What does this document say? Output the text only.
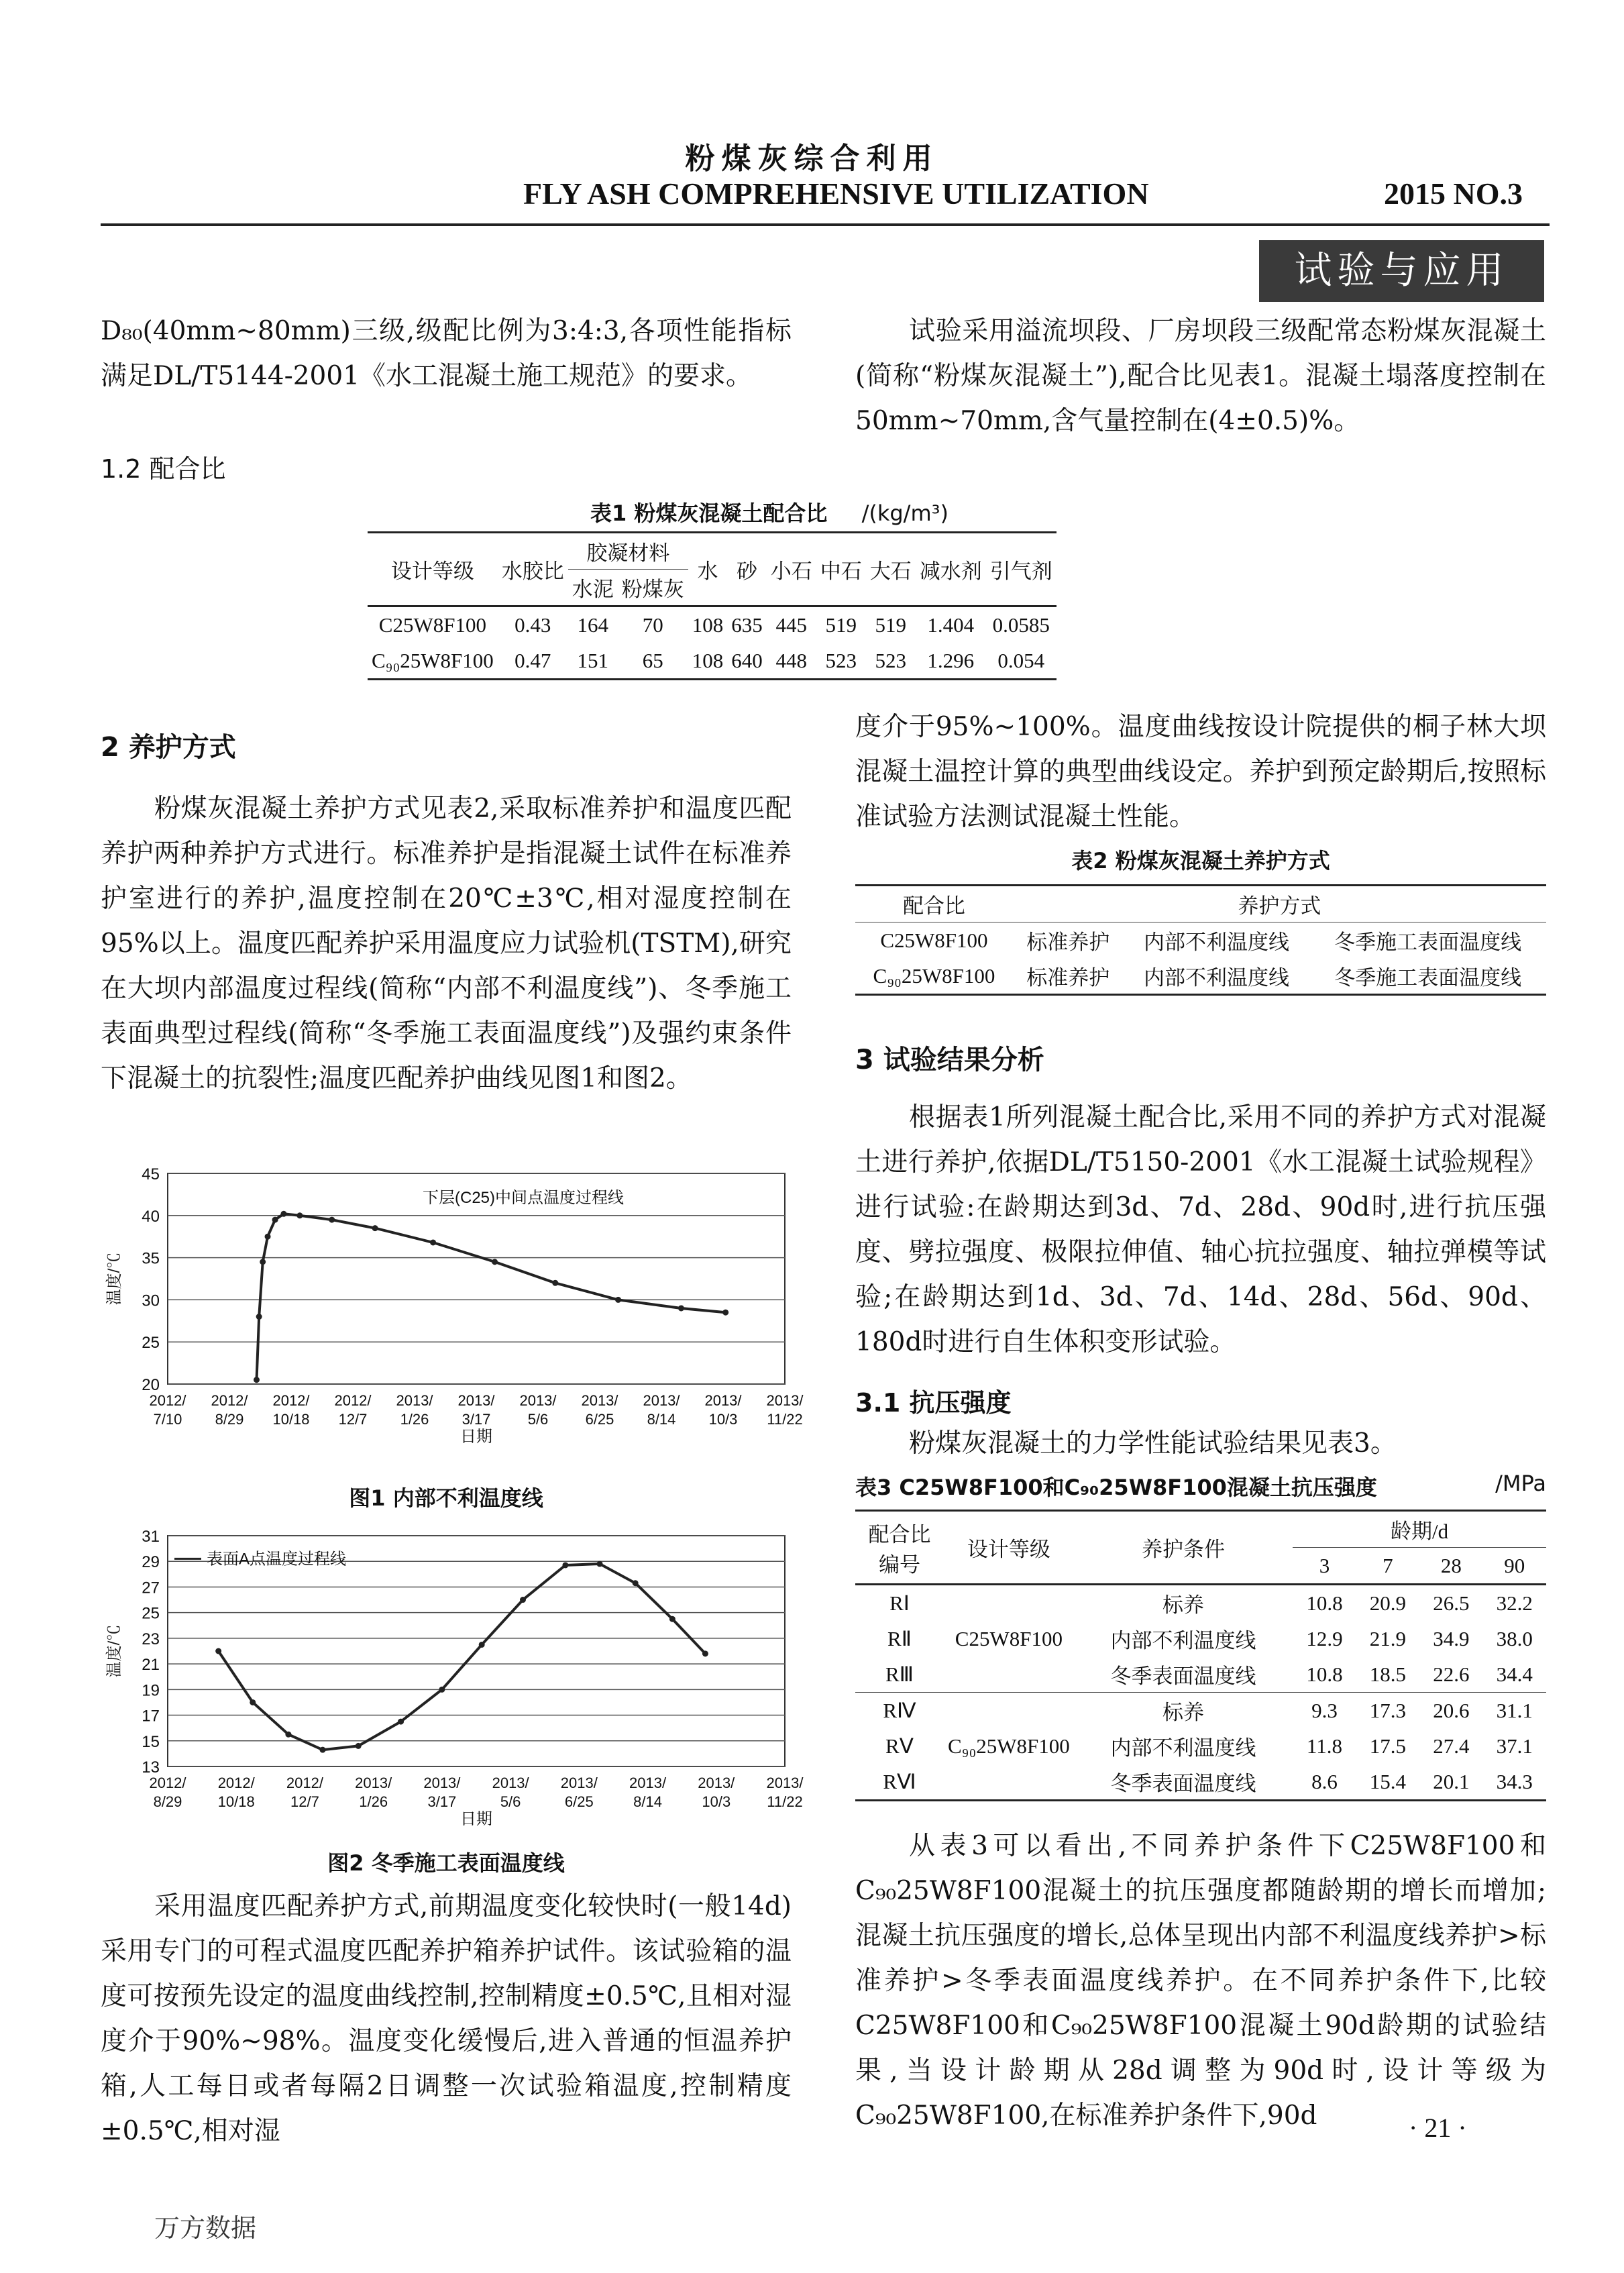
粉煤灰综合利用
FLY ASH COMPREHENSIVE UTILIZATION	2015 NO.3
试验与应用
D₈₀(40mm~80mm)三级,级配比例为3:4:3,各项性能指标满足DL/T5144-2001《水工混凝土施工规范》的要求。
1.2 配合比
试验采用溢流坝段、厂房坝段三级配常态粉煤灰混凝土(简称“粉煤灰混凝土”),配合比见表1。混凝土塌落度控制在50mm~70mm,含气量控制在(4±0.5)%。
表1 粉煤灰混凝土配合比 /(kg/m³)
设计等级	水胶比	胶凝材料		水	砂	小石	中石	大石	减水剂	引气剂
		水泥	粉煤灰							
C25W8F100	0.43	164	70	108	635	445	519	519	1.404	0.0585
C₉₀25W8F100	0.47	151	65	108	640	448	523	523	1.296	0.054
2 养护方式
粉煤灰混凝土养护方式见表2,采取标准养护和温度匹配养护两种养护方式进行。标准养护是指混凝土试件在标准养护室进行的养护,温度控制在20℃±3℃,相对湿度控制在95%以上。温度匹配养护采用温度应力试验机(TSTM),研究在大坝内部温度过程线(简称“内部不利温度线”)、冬季施工表面典型过程线(简称“冬季施工表面温度线”)及强约束条件下混凝土的抗裂性;温度匹配养护曲线见图1和图2。
20
25
30
35
40
45
2012/
7/10
2012/
8/29
2012/
10/18
2012/
12/7
2013/
1/26
2013/
3/17
2013/
5/6
2013/
6/25
2013/
8/14
2013/
10/3
2013/
11/22
日期
温度/℃
下层(C25)中间点温度过程线
图1 内部不利温度线
13
15
17
19
21
23
25
27
29
31
2012/
8/29
2012/
10/18
2012/
12/7
2013/
1/26
2013/
3/17
2013/
5/6
2013/
6/25
2013/
8/14
2013/
10/3
2013/
11/22
日期
温度/℃
表面A点温度过程线
图2 冬季施工表面温度线
采用温度匹配养护方式,前期温度变化较快时(一般14d)采用专门的可程式温度匹配养护箱养护试件。该试验箱的温度可按预先设定的温度曲线控制,控制精度±0.5℃,且相对湿度介于90%~98%。温度变化缓慢后,进入普通的恒温养护箱,人工每日或者每隔2日调整一次试验箱温度,控制精度±0.5℃,相对湿
度介于95%~100%。温度曲线按设计院提供的桐子林大坝混凝土温控计算的典型曲线设定。养护到预定龄期后,按照标准试验方法测试混凝土性能。
表2 粉煤灰混凝土养护方式
配合比	养护方式		
C25W8F100	标准养护	内部不利温度线	冬季施工表面温度线
C₉₀25W8F100	标准养护	内部不利温度线	冬季施工表面温度线
3 试验结果分析
根据表1所列混凝土配合比,采用不同的养护方式对混凝土进行养护,依据DL/T5150-2001《水工混凝土试验规程》进行试验:在龄期达到3d、7d、28d、90d时,进行抗压强度、劈拉强度、极限拉伸值、轴心抗拉强度、轴拉弹模等试验;在龄期达到1d、3d、7d、14d、28d、56d、90d、180d时进行自生体积变形试验。
3.1 抗压强度
粉煤灰混凝土的力学性能试验结果见表3。
表3 C25W8F100和C₉₀25W8F100混凝土抗压强度	/MPa
配合比编号	设计等级	养护条件	龄期/d			
			3	7	28	90
RⅠ	C25W8F100	标养	10.8	20.9	26.5	32.2
RⅡ		内部不利温度线	12.9	21.9	34.9	38.0
RⅢ		冬季表面温度线	10.8	18.5	22.6	34.4
RⅣ	C₉₀25W8F100	标养	9.3	17.3	20.6	31.1
RⅤ		内部不利温度线	11.8	17.5	27.4	37.1
RⅥ		冬季表面温度线	8.6	15.4	20.1	34.3
从表3可以看出,不同养护条件下C25W8F100和C₉₀25W8F100混凝土的抗压强度都随龄期的增长而增加;混凝土抗压强度的增长,总体呈现出内部不利温度线养护>标准养护>冬季表面温度线养护。在不同养护条件下,比较C25W8F100和C₉₀25W8F100混凝土90d龄期的试验结果,当设计龄期从28d调整为90d时,设计等级为C₉₀25W8F100,在标准养护条件下,90d	· 21 ·
万方数据
